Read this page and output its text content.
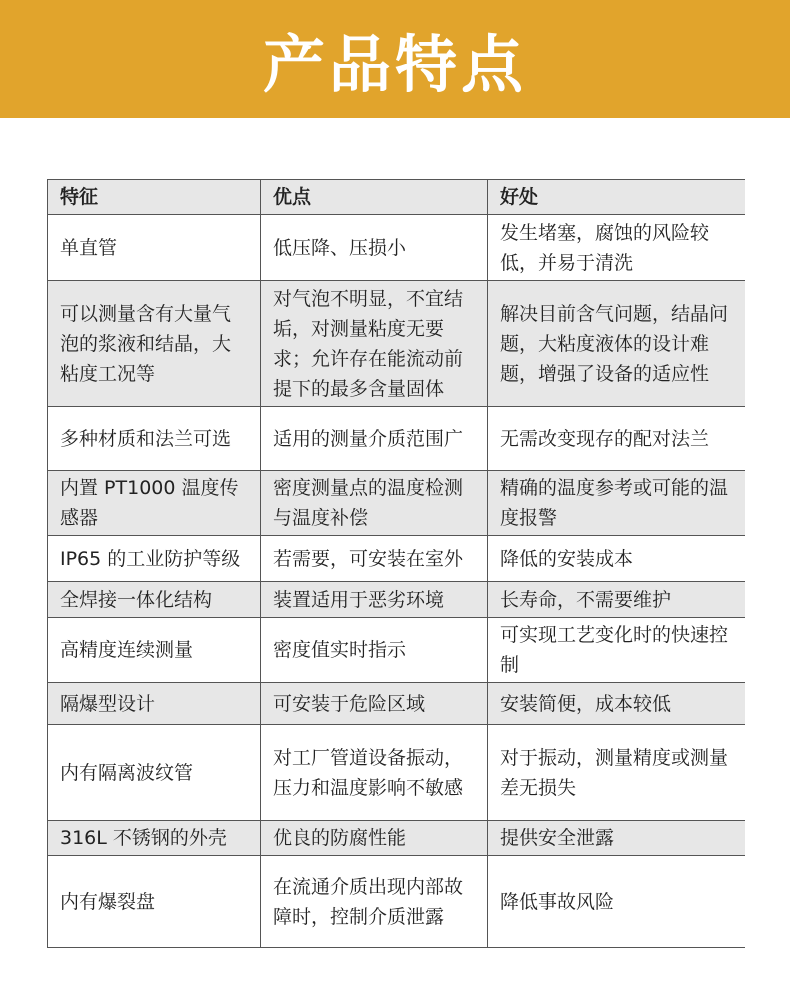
产品特点
特征	优点	好处
单直管	低压降、压损小	发生堵塞，腐蚀的风险较低，并易于清洗
可以测量含有大量气泡的浆液和结晶，大粘度工况等	对气泡不明显，不宜结垢，对测量粘度无要求；允许存在能流动前提下的最多含量固体	解决目前含气问题，结晶问题，大粘度液体的设计难题，增强了设备的适应性
多种材质和法兰可选	适用的测量介质范围广	无需改变现存的配对法兰
内置 PT1000 温度传感器	密度测量点的温度检测与温度补偿	精确的温度参考或可能的温度报警
IP65 的工业防护等级	若需要，可安装在室外	降低的安装成本
全焊接一体化结构	装置适用于恶劣环境	长寿命，不需要维护
高精度连续测量	密度值实时指示	可实现工艺变化时的快速控制
隔爆型设计	可安装于危险区域	安装简便，成本较低
内有隔离波纹管	对工厂管道设备振动，压力和温度影响不敏感	对于振动，测量精度或测量差无损失
316L 不锈钢的外壳	优良的防腐性能	提供安全泄露
内有爆裂盘	在流通介质出现内部故障时，控制介质泄露	降低事故风险
